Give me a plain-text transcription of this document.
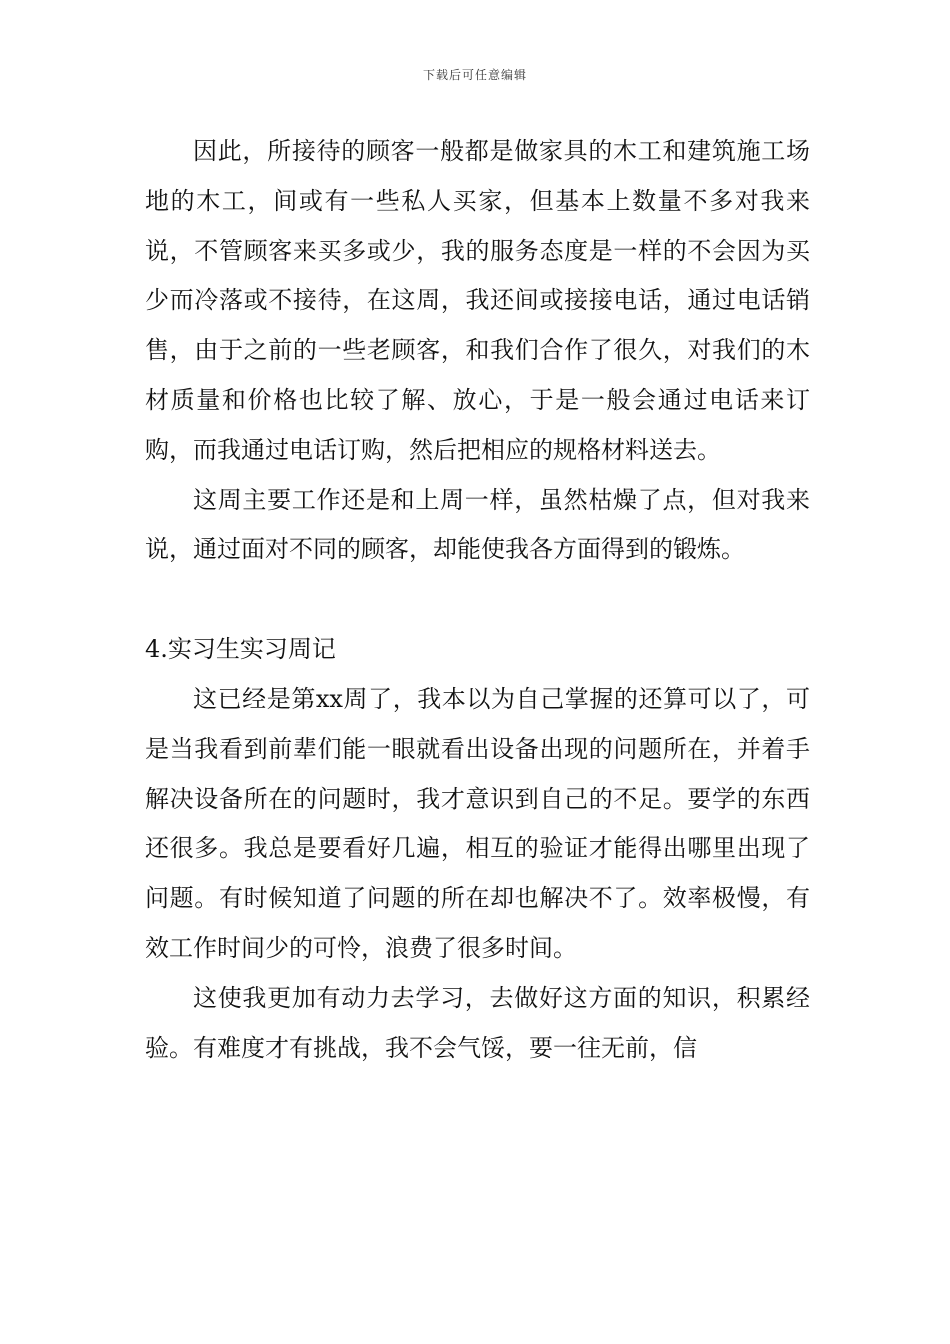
下载后可任意编辑

因此，所接待的顾客一般都是做家具的木工和建筑施工场地的木工，间或有一些私人买家，但基本上数量不多对我来说，不管顾客来买多或少，我的服务态度是一样的不会因为买少而冷落或不接待，在这周，我还间或接接电话，通过电话销售，由于之前的一些老顾客，和我们合作了很久，对我们的木材质量和价格也比较了解、放心，于是一般会通过电话来订购，而我通过电话订购，然后把相应的规格材料送去。

这周主要工作还是和上周一样，虽然枯燥了点，但对我来说，通过面对不同的顾客，却能使我各方面得到的锻炼。

4.实习生实习周记

这已经是第xx周了，我本以为自己掌握的还算可以了，可是当我看到前辈们能一眼就看出设备出现的问题所在，并着手解决设备所在的问题时，我才意识到自己的不足。要学的东西还很多。我总是要看好几遍，相互的验证才能得出哪里出现了问题。有时候知道了问题的所在却也解决不了。效率极慢，有效工作时间少的可怜，浪费了很多时间。

这使我更加有动力去学习，去做好这方面的知识，积累经验。有难度才有挑战，我不会气馁，要一往无前，信
